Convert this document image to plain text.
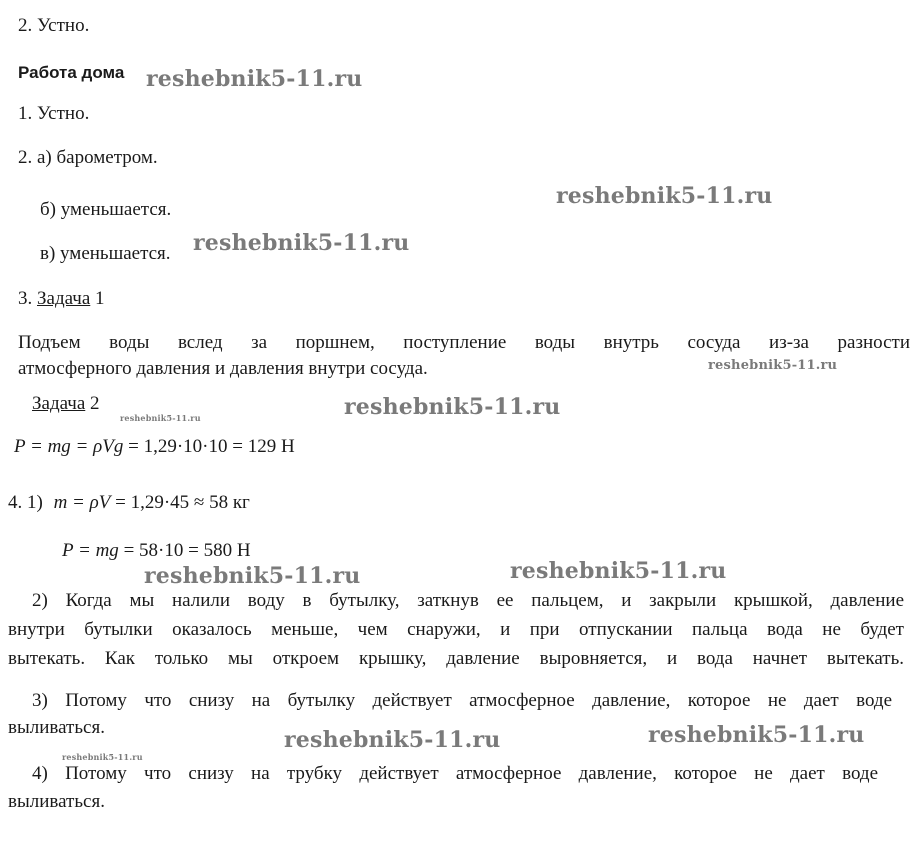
2. Устно.
Работа дома
1. Устно.
2. а) барометром.
б) уменьшается.
в) уменьшается.
3. Задача 1
Подъем воды вслед за поршнем, поступление воды внутрь сосуда из-за разности
атмосферного давления и давления внутри сосуда.
Задача 2
P = mg = ρVg = 1,29·10·10 = 129 Н
4. 1) m = ρV = 1,29·45 ≈ 58 кг
P = mg = 58·10 = 580 Н
2) Когда мы налили воду в бутылку, заткнув ее пальцем, и закрыли крышкой, давление
внутри бутылки оказалось меньше, чем снаружи, и при отпускании пальца вода не будет
вытекать. Как только мы откроем крышку, давление выровняется, и вода начнет вытекать.
3) Потому что снизу на бутылку действует атмосферное давление, которое не дает воде
выливаться.
4) Потому что снизу на трубку действует атмосферное давление, которое не дает воде
выливаться.
reshebnik5-11.ru
reshebnik5-11.ru
reshebnik5-11.ru
reshebnik5-11.ru
reshebnik5-11.ru	reshebnik5-11.ru
reshebnik5-11.ru	reshebnik5-11.ru
reshebnik5-11.ru	reshebnik5-11.ru
reshebnik5-11.ru
